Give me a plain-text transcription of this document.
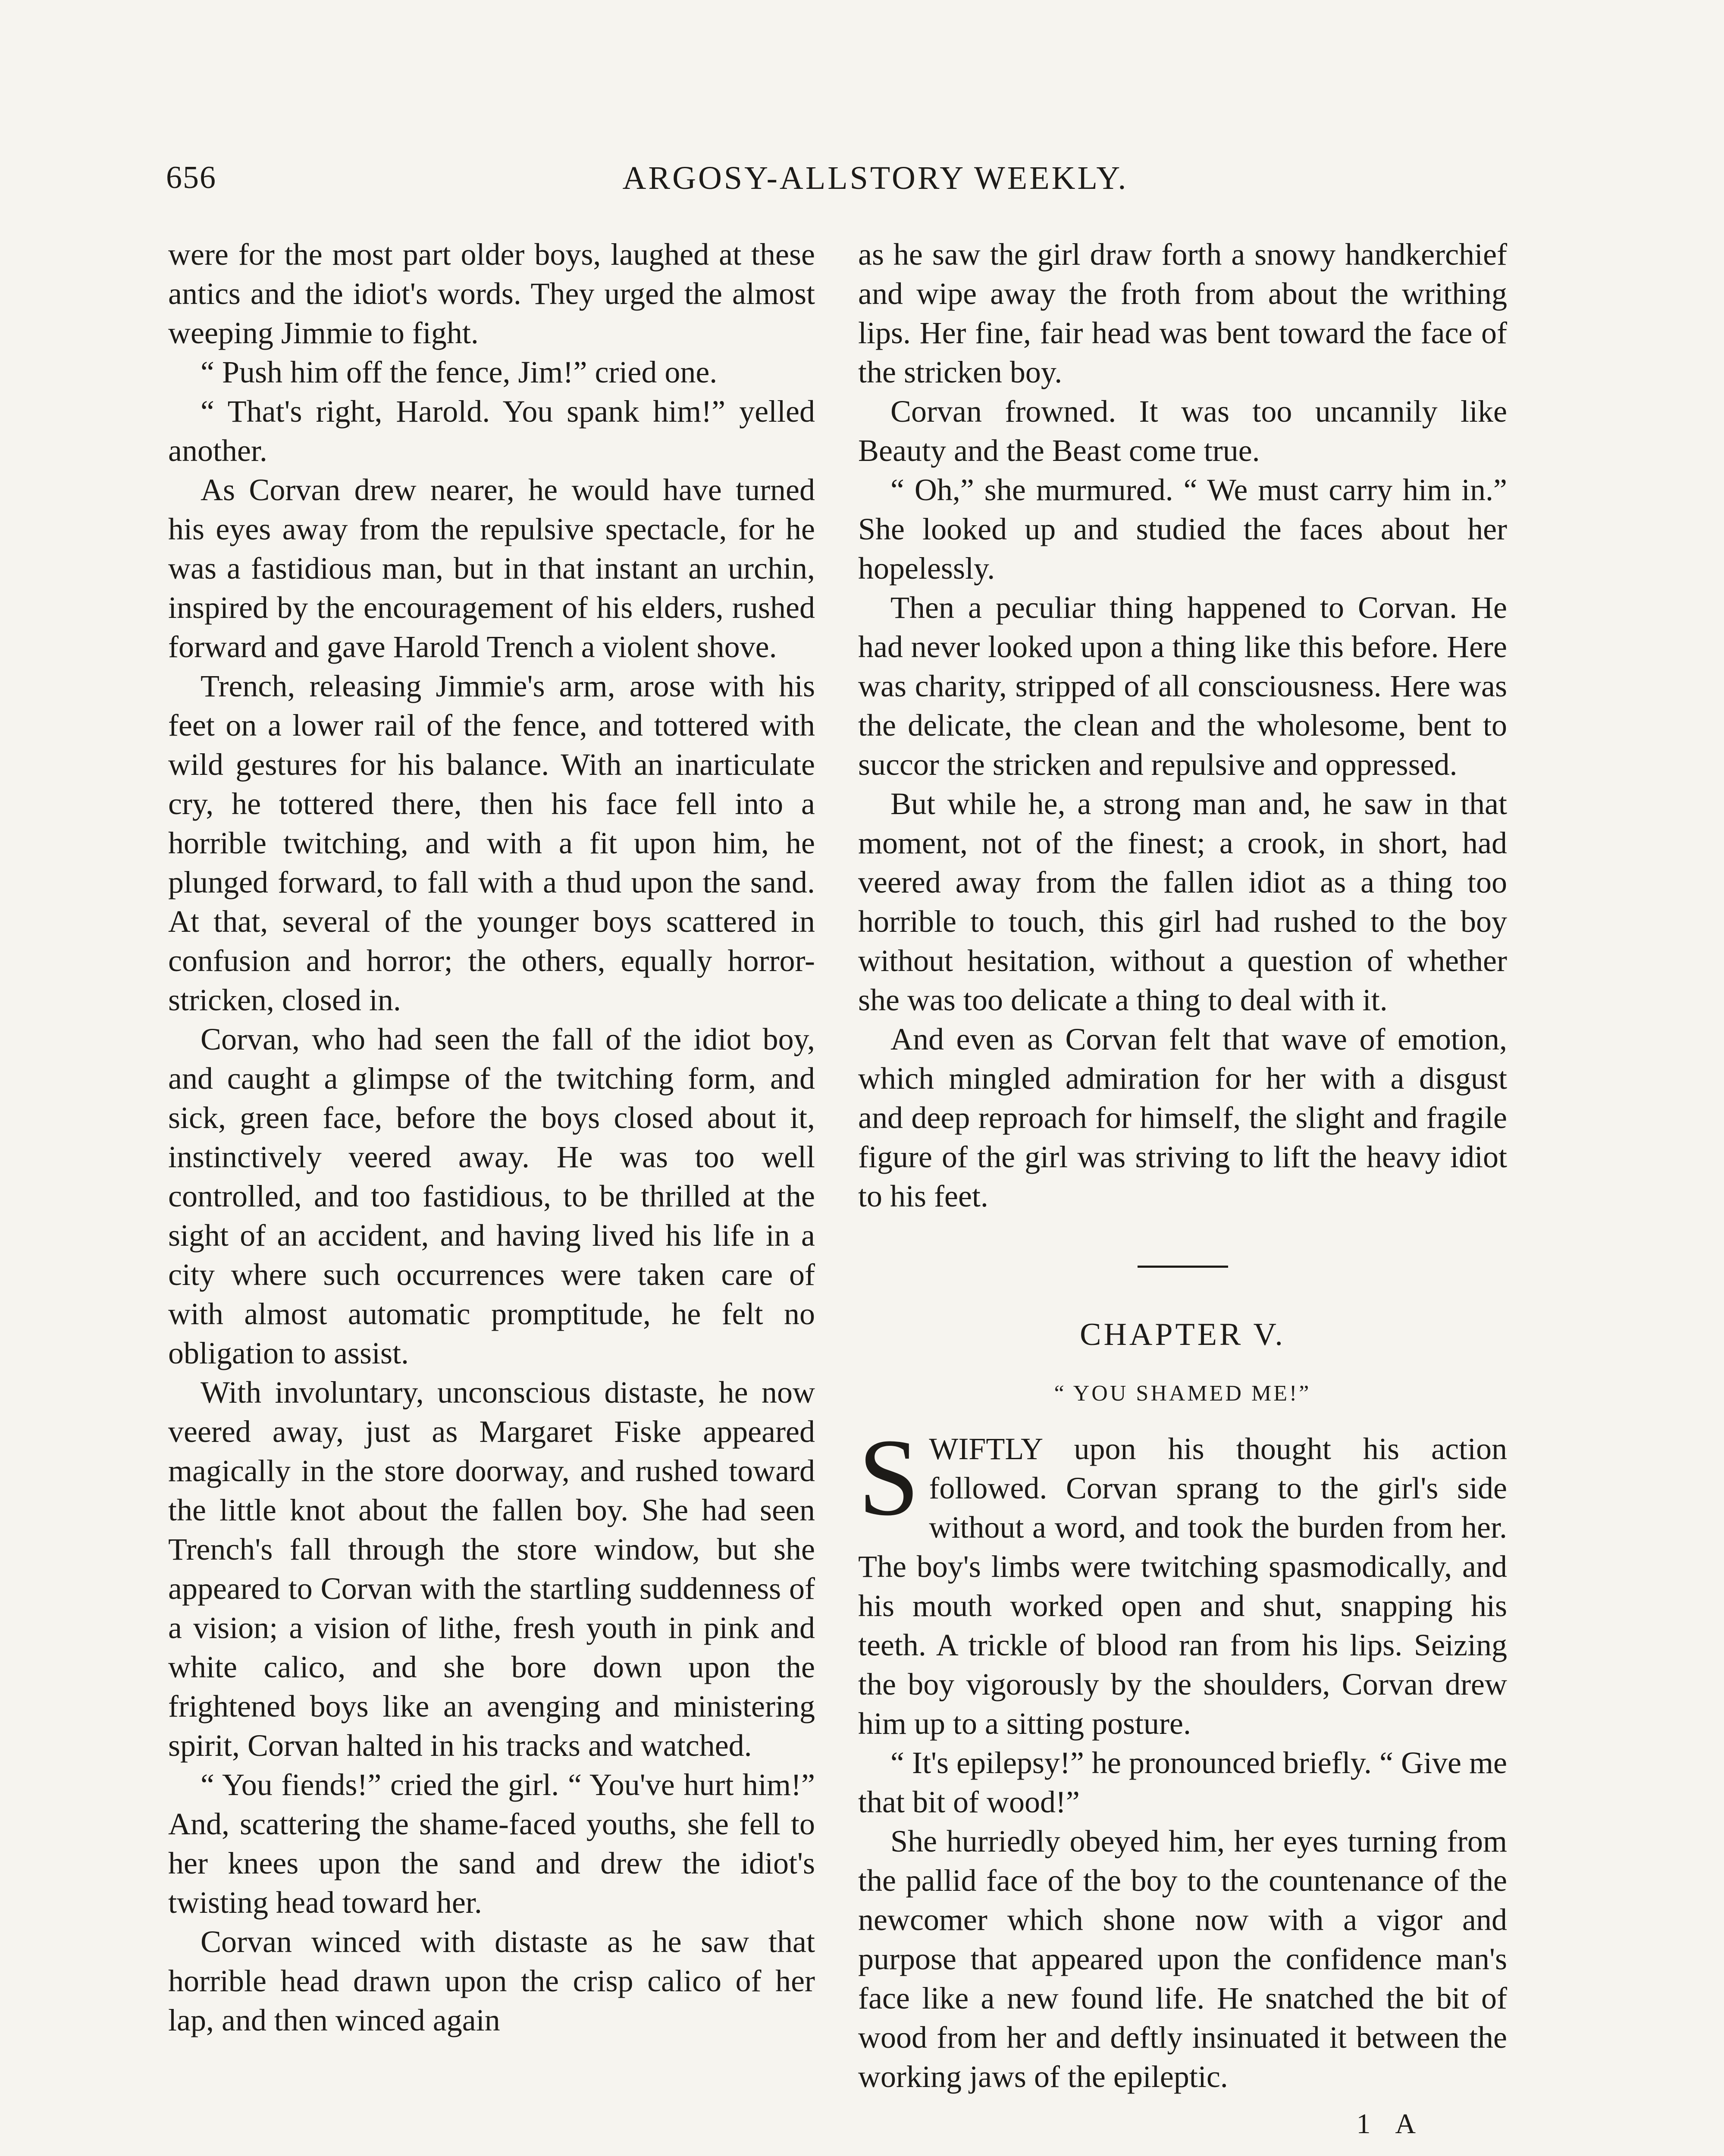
656	ARGOSY-ALLSTORY WEEKLY.

were for the most part older boys, laughed at these antics and the idiot's words. They urged the almost weeping Jimmie to fight.

“ Push him off the fence, Jim!” cried one.

“ That's right, Harold. You spank him!” yelled another.

As Corvan drew nearer, he would have turned his eyes away from the repulsive spectacle, for he was a fastidious man, but in that instant an urchin, inspired by the encouragement of his elders, rushed forward and gave Harold Trench a violent shove.

Trench, releasing Jimmie's arm, arose with his feet on a lower rail of the fence, and tottered with wild gestures for his balance. With an inarticulate cry, he tottered there, then his face fell into a horrible twitching, and with a fit upon him, he plunged forward, to fall with a thud upon the sand. At that, several of the younger boys scattered in confusion and horror; the others, equally horror-stricken, closed in.

Corvan, who had seen the fall of the idiot boy, and caught a glimpse of the twitching form, and sick, green face, before the boys closed about it, instinctively veered away. He was too well controlled, and too fastidious, to be thrilled at the sight of an accident, and having lived his life in a city where such occurrences were taken care of with almost automatic promptitude, he felt no obligation to assist.

With involuntary, unconscious distaste, he now veered away, just as Margaret Fiske appeared magically in the store doorway, and rushed toward the little knot about the fallen boy. She had seen Trench's fall through the store window, but she appeared to Corvan with the startling suddenness of a vision; a vision of lithe, fresh youth in pink and white calico, and she bore down upon the frightened boys like an avenging and ministering spirit, Corvan halted in his tracks and watched.

“ You fiends!” cried the girl. “ You've hurt him!” And, scattering the shame-faced youths, she fell to her knees upon the sand and drew the idiot's twisting head toward her.

Corvan winced with distaste as he saw that horrible head drawn upon the crisp calico of her lap, and then winced again

as he saw the girl draw forth a snowy handkerchief and wipe away the froth from about the writhing lips. Her fine, fair head was bent toward the face of the stricken boy.

Corvan frowned. It was too uncannily like Beauty and the Beast come true.

“ Oh,” she murmured. “ We must carry him in.” She looked up and studied the faces about her hopelessly.

Then a peculiar thing happened to Corvan. He had never looked upon a thing like this before. Here was charity, stripped of all consciousness. Here was the delicate, the clean and the wholesome, bent to succor the stricken and repulsive and oppressed.

But while he, a strong man and, he saw in that moment, not of the finest; a crook, in short, had veered away from the fallen idiot as a thing too horrible to touch, this girl had rushed to the boy without hesitation, without a question of whether she was too delicate a thing to deal with it.

And even as Corvan felt that wave of emotion, which mingled admiration for her with a disgust and deep reproach for himself, the slight and fragile figure of the girl was striving to lift the heavy idiot to his feet.

CHAPTER V.
“ YOU SHAMED ME!”

SWIFTLY upon his thought his action followed. Corvan sprang to the girl's side without a word, and took the burden from her. The boy's limbs were twitching spasmodically, and his mouth worked open and shut, snapping his teeth. A trickle of blood ran from his lips. Seizing the boy vigorously by the shoulders, Corvan drew him up to a sitting posture.

“ It's epilepsy!” he pronounced briefly. “ Give me that bit of wood!”

She hurriedly obeyed him, her eyes turning from the pallid face of the boy to the countenance of the newcomer which shone now with a vigor and purpose that appeared upon the confidence man's face like a new found life. He snatched the bit of wood from her and deftly insinuated it between the working jaws of the epileptic.

1 A
